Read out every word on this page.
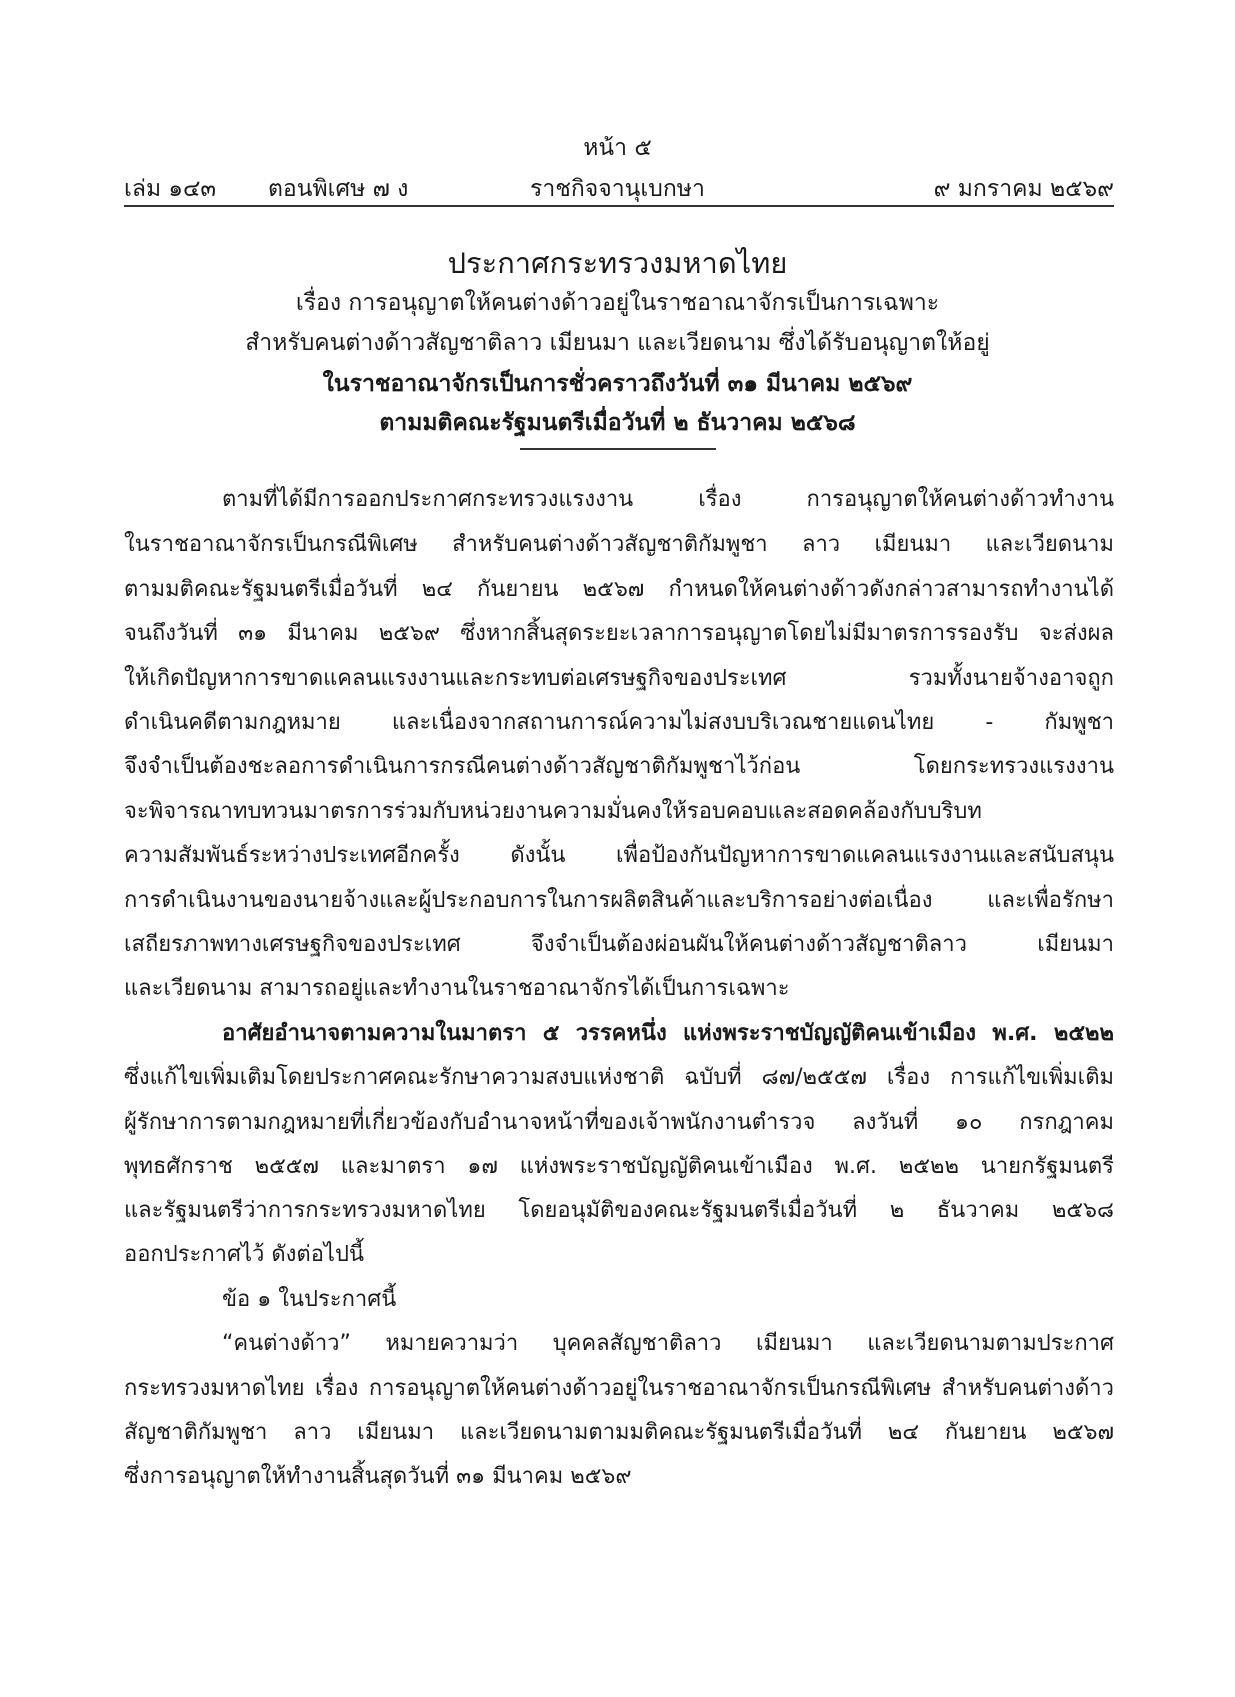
หน้า ๕
เล่ม ๑๔๓ ตอนพิเศษ ๗ ง	ราชกิจจานุเบกษา	๙ มกราคม ๒๕๖๙
ประกาศกระทรวงมหาดไทย
เรื่อง การอนุญาตให้คนต่างด้าวอยู่ในราชอาณาจักรเป็นการเฉพาะ
สำหรับคนต่างด้าวสัญชาติลาว เมียนมา และเวียดนาม ซึ่งได้รับอนุญาตให้อยู่
ในราชอาณาจักรเป็นการชั่วคราวถึงวันที่ ๓๑ มีนาคม ๒๕๖๙
ตามมติคณะรัฐมนตรีเมื่อวันที่ ๒ ธันวาคม ๒๕๖๘
ตามที่ได้มีการออกประกาศกระทรวงแรงงาน เรื่อง การอนุญาตให้คนต่างด้าวทำงาน
ในราชอาณาจักรเป็นกรณีพิเศษ สำหรับคนต่างด้าวสัญชาติกัมพูชา ลาว เมียนมา และเวียดนาม
ตามมติคณะรัฐมนตรีเมื่อวันที่ ๒๔ กันยายน ๒๕๖๗ กำหนดให้คนต่างด้าวดังกล่าวสามารถทำงานได้
จนถึงวันที่ ๓๑ มีนาคม ๒๕๖๙ ซึ่งหากสิ้นสุดระยะเวลาการอนุญาตโดยไม่มีมาตรการรองรับ จะส่งผล
ให้เกิดปัญหาการขาดแคลนแรงงานและกระทบต่อเศรษฐกิจของประเทศ รวมทั้งนายจ้างอาจถูก
ดำเนินคดีตามกฎหมาย และเนื่องจากสถานการณ์ความไม่สงบบริเวณชายแดนไทย - กัมพูชา
จึงจำเป็นต้องชะลอการดำเนินการกรณีคนต่างด้าวสัญชาติกัมพูชาไว้ก่อน โดยกระทรวงแรงงาน
จะพิจารณาทบทวนมาตรการร่วมกับหน่วยงานความมั่นคงให้รอบคอบและสอดคล้องกับบริบท
ความสัมพันธ์ระหว่างประเทศอีกครั้ง ดังนั้น เพื่อป้องกันปัญหาการขาดแคลนแรงงานและสนับสนุน
การดำเนินงานของนายจ้างและผู้ประกอบการในการผลิตสินค้าและบริการอย่างต่อเนื่อง และเพื่อรักษา
เสถียรภาพทางเศรษฐกิจของประเทศ จึงจำเป็นต้องผ่อนผันให้คนต่างด้าวสัญชาติลาว เมียนมา
และเวียดนาม สามารถอยู่และทำงานในราชอาณาจักรได้เป็นการเฉพาะ
อาศัยอำนาจตามความในมาตรา ๕ วรรคหนึ่ง แห่งพระราชบัญญัติคนเข้าเมือง พ.ศ. ๒๕๒๒
ซึ่งแก้ไขเพิ่มเติมโดยประกาศคณะรักษาความสงบแห่งชาติ ฉบับที่ ๘๗/๒๕๕๗ เรื่อง การแก้ไขเพิ่มเติม
ผู้รักษาการตามกฎหมายที่เกี่ยวข้องกับอำนาจหน้าที่ของเจ้าพนักงานตำรวจ ลงวันที่ ๑๐ กรกฎาคม
พุทธศักราช ๒๕๕๗ และมาตรา ๑๗ แห่งพระราชบัญญัติคนเข้าเมือง พ.ศ. ๒๕๒๒ นายกรัฐมนตรี
และรัฐมนตรีว่าการกระทรวงมหาดไทย โดยอนุมัติของคณะรัฐมนตรีเมื่อวันที่ ๒ ธันวาคม ๒๕๖๘
ออกประกาศไว้ ดังต่อไปนี้
ข้อ ๑ ในประกาศนี้
“คนต่างด้าว” หมายความว่า บุคคลสัญชาติลาว เมียนมา และเวียดนามตามประกาศ
กระทรวงมหาดไทย เรื่อง การอนุญาตให้คนต่างด้าวอยู่ในราชอาณาจักรเป็นกรณีพิเศษ สำหรับคนต่างด้าว
สัญชาติกัมพูชา ลาว เมียนมา และเวียดนามตามมติคณะรัฐมนตรีเมื่อวันที่ ๒๔ กันยายน ๒๕๖๗
ซึ่งการอนุญาตให้ทำงานสิ้นสุดวันที่ ๓๑ มีนาคม ๒๕๖๙
